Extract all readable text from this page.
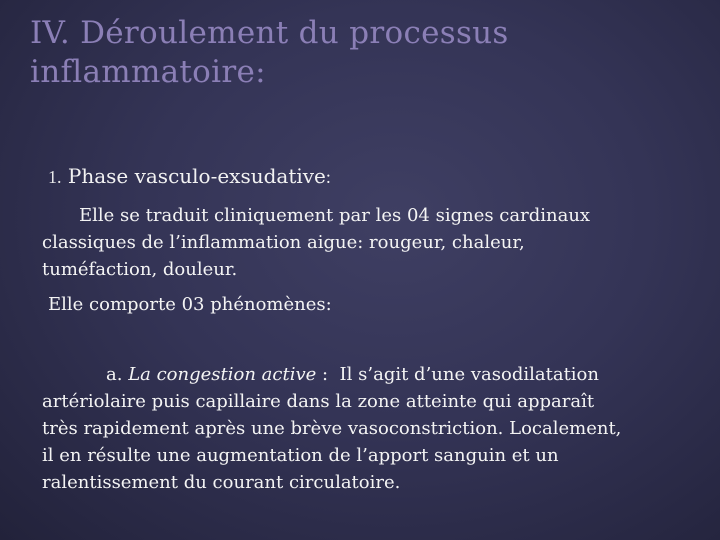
IV. Déroulement du processus
inflammatoire:
1. Phase vasculo-exsudative:

Elle se traduit cliniquement par les 04 signes cardinaux
classiques de l’inflammation aigue: rougeur, chaleur,
tuméfaction, douleur.

Elle comporte 03 phénomènes:

a. La congestion active : Il s’agit d’une vasodilatation
artériolaire puis capillaire dans la zone atteinte qui apparaît
très rapidement après une brève vasoconstriction. Localement,
il en résulte une augmentation de l’apport sanguin et un
ralentissement du courant circulatoire.
